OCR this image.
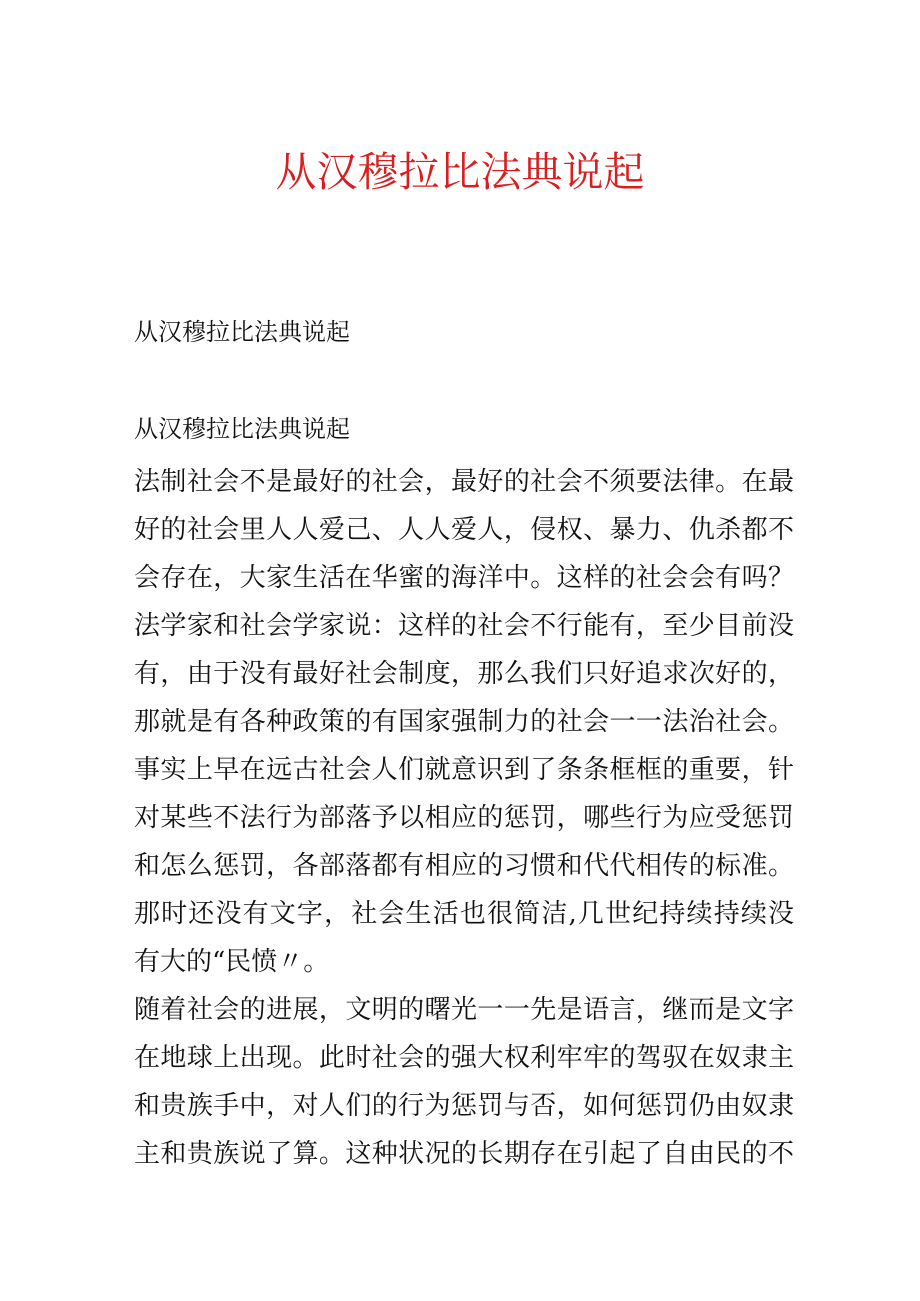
从汉穆拉比法典说起

从汉穆拉比法典说起

从汉穆拉比法典说起

法制社会不是最好的社会，最好的社会不须要法律。在最
好的社会里人人爱己、人人爱人，侵权、暴力、仇杀都不
会存在，大家生活在华蜜的海洋中。这样的社会会有吗？
法学家和社会学家说：这样的社会不行能有，至少目前没
有，由于没有最好社会制度，那么我们只好追求次好的，
那就是有各种政策的有国家强制力的社会一一法治社会。
事实上早在远古社会人们就意识到了条条框框的重要，针
对某些不法行为部落予以相应的惩罚，哪些行为应受惩罚
和怎么惩罚，各部落都有相应的习惯和代代相传的标准。
那时还没有文字，社会生活也很简洁,几世纪持续持续没
有大的“民愤〃。
随着社会的进展，文明的曙光一一先是语言，继而是文字
在地球上出现。此时社会的强大权利牢牢的驾驭在奴隶主
和贵族手中，对人们的行为惩罚与否，如何惩罚仍由奴隶
主和贵族说了算。这种状况的长期存在引起了自由民的不
